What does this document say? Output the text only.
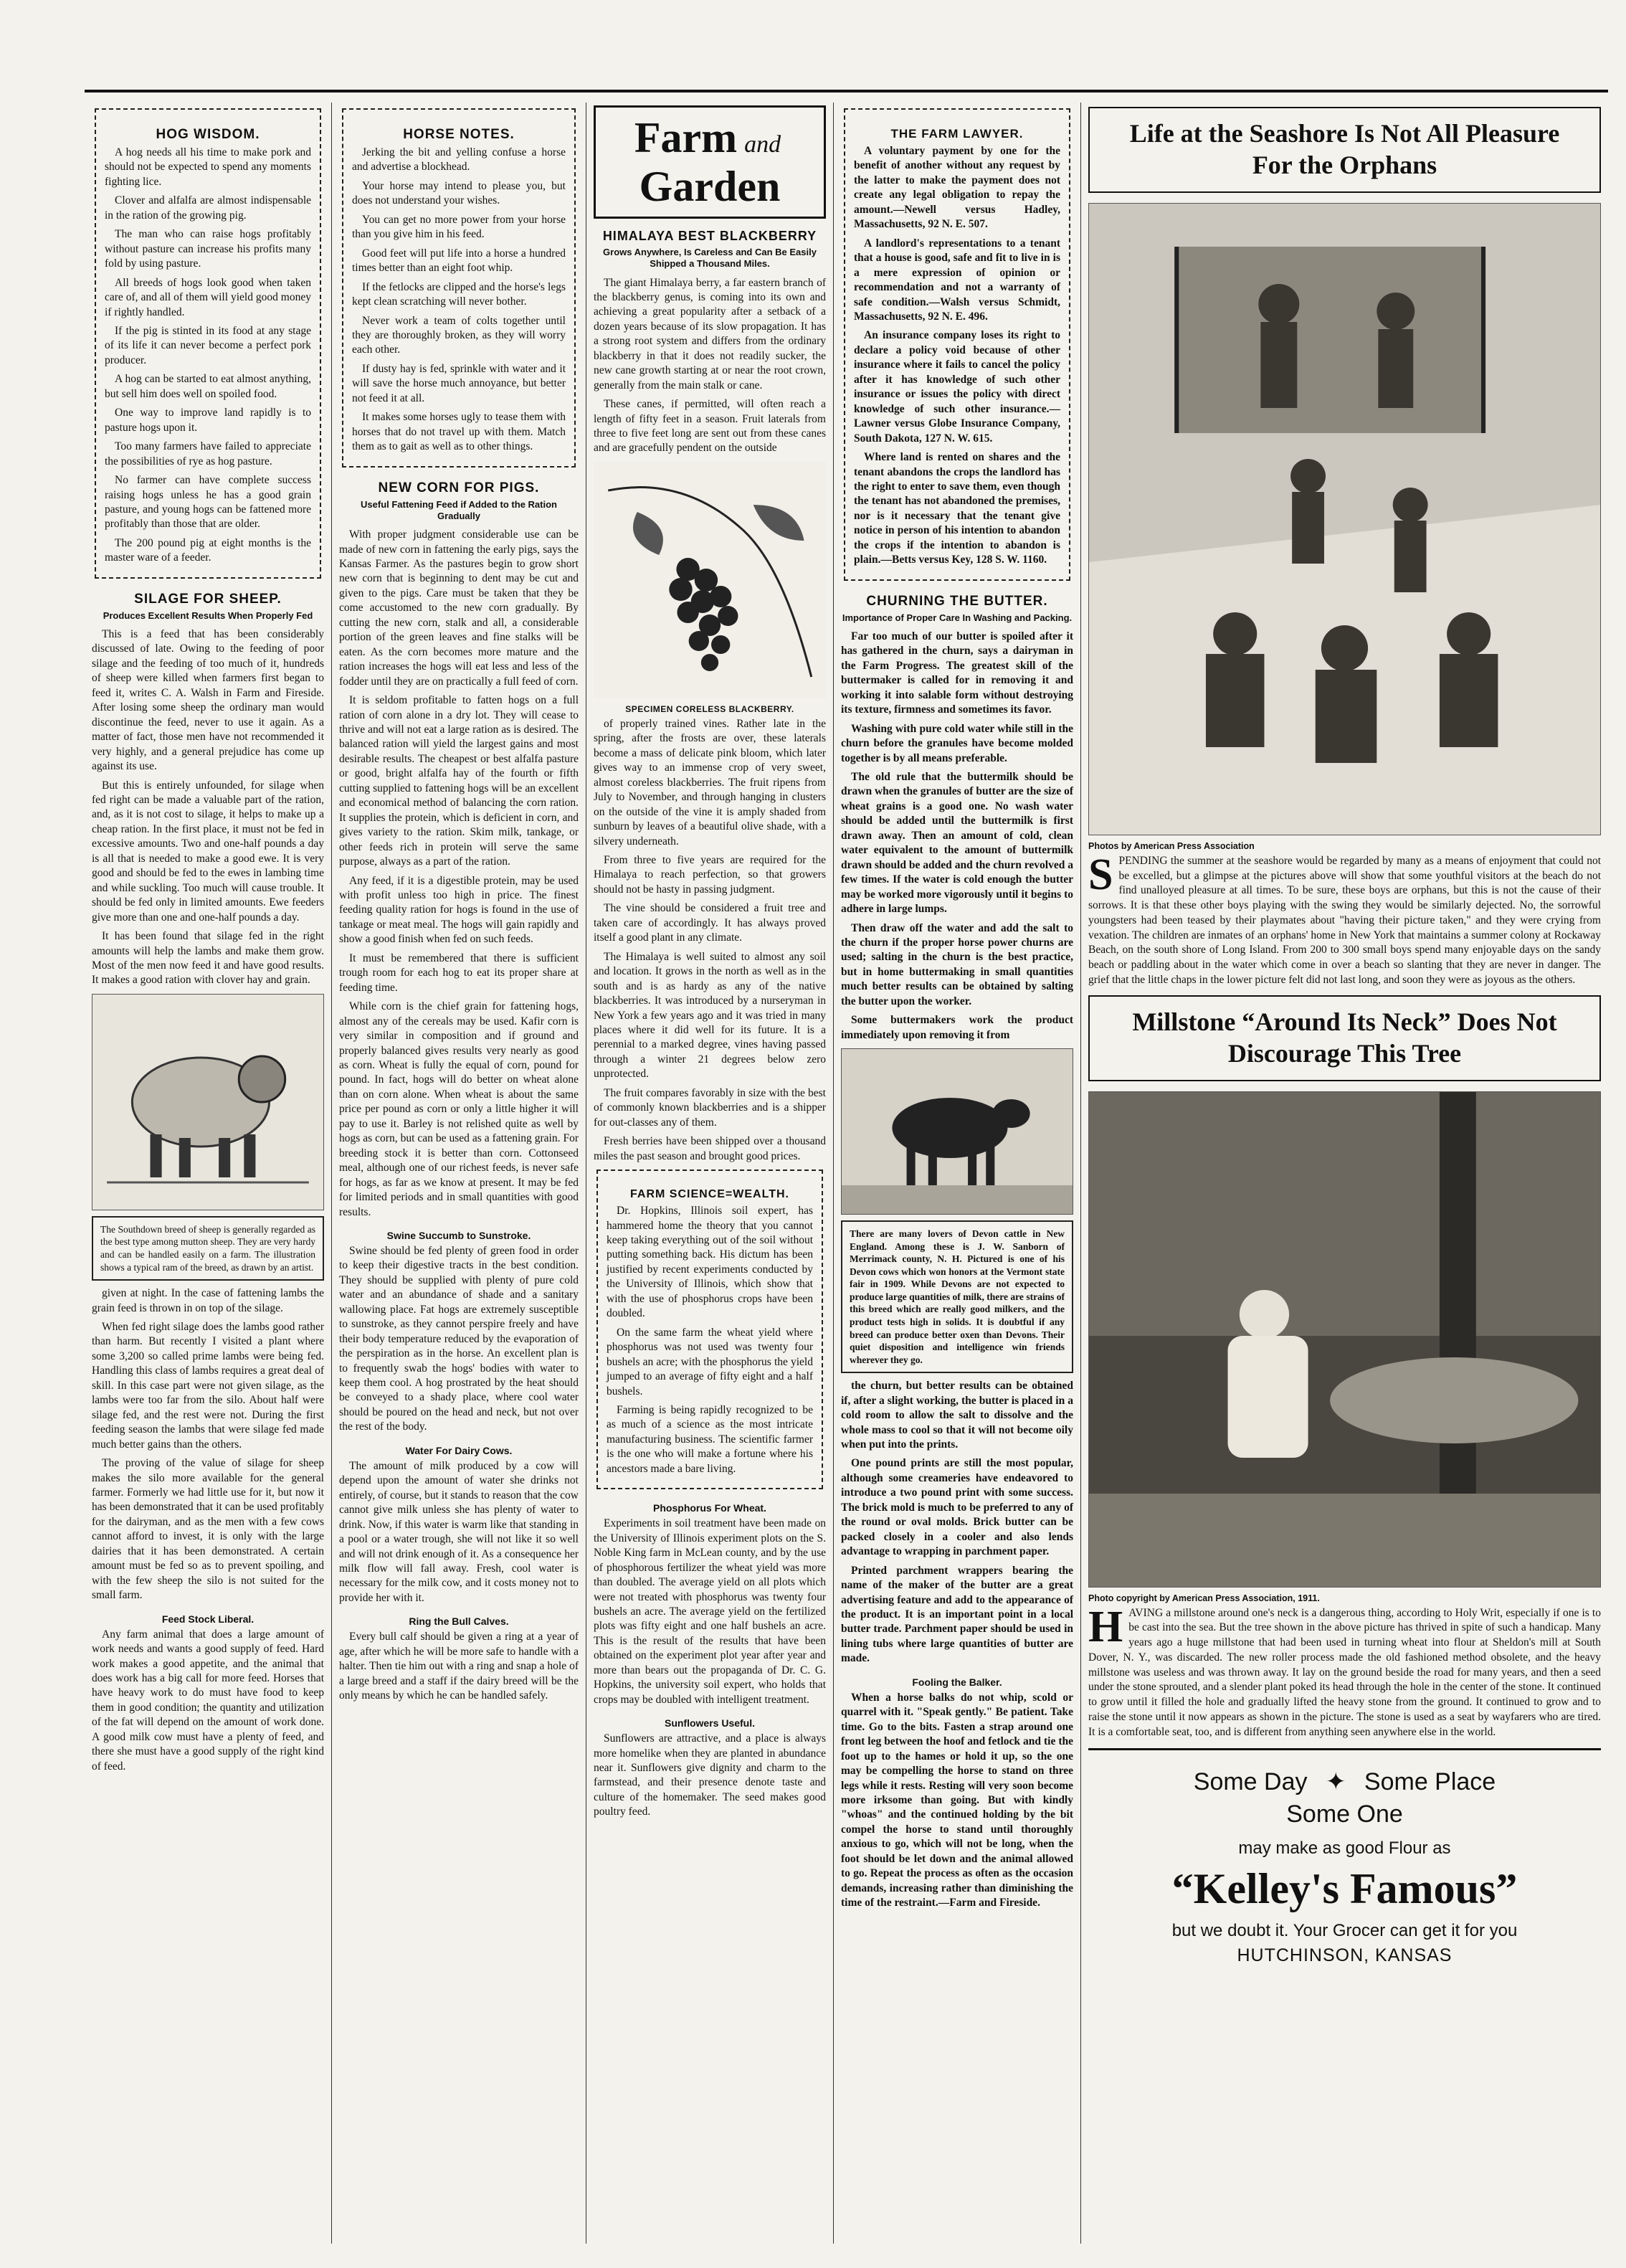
HOG WISDOM.

A hog needs all his time to make pork and should not be expected to spend any moments fighting lice.

Clover and alfalfa are almost indispensable in the ration of the growing pig.

The man who can raise hogs profitably without pasture can increase his profits many fold by using pasture.

All breeds of hogs look good when taken care of, and all of them will yield good money if rightly handled.

If the pig is stinted in its food at any stage of its life it can never become a perfect pork producer.

A hog can be started to eat almost anything, but sell him does well on spoiled food.

One way to improve land rapidly is to pasture hogs upon it.

Too many farmers have failed to appreciate the possibilities of rye as hog pasture.

No farmer can have complete success raising hogs unless he has a good grain pasture, and young hogs can be fattened more profitably than those that are older.

The 200 pound pig at eight months is the master ware of a feeder.

SILAGE FOR SHEEP.
Produces Excellent Results When Properly Fed

This is a feed that has been considerably discussed of late. Owing to the feeding of poor silage and the feeding of too much of it, hundreds of sheep were killed when farmers first began to feed it, writes C. A. Walsh in Farm and Fireside. After losing some sheep the ordinary man would discontinue the feed, never to use it again. As a matter of fact, those men have not recommended it very highly, and a general prejudice has come up against its use.

But this is entirely unfounded, for silage when fed right can be made a valuable part of the ration, and, as it is not cost to silage, it helps to make up a cheap ration. In the first place, it must not be fed in excessive amounts. Two and one-half pounds a day is all that is needed to make a good ewe. It is very good and should be fed to the ewes in lambing time and while suckling. Too much will cause trouble. It should be fed only in limited amounts. Ewe feeders give more than one and one-half pounds a day.

It has been found that silage fed in the right amounts will help the lambs and make them grow. Most of the men now feed it and have good results. It makes a good ration with clover hay and grain.

The Southdown breed of sheep is generally regarded as the best type among mutton sheep. They are very hardy and can be handled easily on a farm. The illustration shows a typical ram of the breed, as drawn by an artist.

given at night. In the case of fattening lambs the grain feed is thrown in on top of the silage.

When fed right silage does the lambs good rather than harm. But recently I visited a plant where some 3,200 so called prime lambs were being fed. Handling this class of lambs requires a great deal of skill. In this case part were not given silage, as the lambs were too far from the silo. About half were silage fed, and the rest were not. During the first feeding season the lambs that were silage fed made much better gains than the others.

The proving of the value of silage for sheep makes the silo more available for the general farmer. Formerly we had little use for it, but now it has been demonstrated that it can be used profitably for the dairyman, and as the men with a few cows cannot afford to invest, it is only with the large dairies that it has been demonstrated. A certain amount must be fed so as to prevent spoiling, and with the few sheep the silo is not suited for the small farm.

Feed Stock Liberal.

Any farm animal that does a large amount of work needs and wants a good supply of feed. Hard work makes a good appetite, and the animal that does work has a big call for more feed. Horses that have heavy work to do must have food to keep them in good condition; the quantity and utilization of the fat will depend on the amount of work done. A good milk cow must have a plenty of feed, and there she must have a good supply of the right kind of feed.

HORSE NOTES.

Jerking the bit and yelling confuse a horse and advertise a blockhead.

Your horse may intend to please you, but does not understand your wishes.

You can get no more power from your horse than you give him in his feed.

Good feet will put life into a horse a hundred times better than an eight foot whip.

If the fetlocks are clipped and the horse's legs kept clean scratching will never bother.

Never work a team of colts together until they are thoroughly broken, as they will worry each other.

If dusty hay is fed, sprinkle with water and it will save the horse much annoyance, but better not feed it at all.

It makes some horses ugly to tease them with horses that do not travel up with them. Match them as to gait as well as to other things.

NEW CORN FOR PIGS.
Useful Fattening Feed if Added to the Ration Gradually

With proper judgment considerable use can be made of new corn in fattening the early pigs, says the Kansas Farmer. As the pastures begin to grow short new corn that is beginning to dent may be cut and given to the pigs. Care must be taken that they be come accustomed to the new corn gradually. By cutting the new corn, stalk and all, a considerable portion of the green leaves and fine stalks will be eaten. As the corn becomes more mature and the ration increases the hogs will eat less and less of the fodder until they are on practically a full feed of corn.

It is seldom profitable to fatten hogs on a full ration of corn alone in a dry lot. They will cease to thrive and will not eat a large ration as is desired. The balanced ration will yield the largest gains and most desirable results. The cheapest or best alfalfa pasture or good, bright alfalfa hay of the fourth or fifth cutting supplied to fattening hogs will be an excellent and economical method of balancing the corn ration. It supplies the protein, which is deficient in corn, and gives variety to the ration. Skim milk, tankage, or other feeds rich in protein will serve the same purpose, always as a part of the ration.

Any feed, if it is a digestible protein, may be used with profit unless too high in price. The finest feeding quality ration for hogs is found in the use of tankage or meat meal. The hogs will gain rapidly and show a good finish when fed on such feeds.

It must be remembered that there is sufficient trough room for each hog to eat its proper share at feeding time.

While corn is the chief grain for fattening hogs, almost any of the cereals may be used. Kafir corn is very similar in composition and if ground and properly balanced gives results very nearly as good as corn. Wheat is fully the equal of corn, pound for pound. In fact, hogs will do better on wheat alone than on corn alone. When wheat is about the same price per pound as corn or only a little higher it will pay to use it. Barley is not relished quite as well by hogs as corn, but can be used as a fattening grain. For breeding stock it is better than corn. Cottonseed meal, although one of our richest feeds, is never safe for hogs, as far as we know at present. It may be fed for limited periods and in small quantities with good results.

Swine Succumb to Sunstroke.

Swine should be fed plenty of green food in order to keep their digestive tracts in the best condition. They should be supplied with plenty of pure cold water and an abundance of shade and a sanitary wallowing place. Fat hogs are extremely susceptible to sunstroke, as they cannot perspire freely and have their body temperature reduced by the evaporation of the perspiration as in the horse. An excellent plan is to frequently swab the hogs' bodies with water to keep them cool. A hog prostrated by the heat should be conveyed to a shady place, where cool water should be poured on the head and neck, but not over the rest of the body.

Water For Dairy Cows.

The amount of milk produced by a cow will depend upon the amount of water she drinks not entirely, of course, but it stands to reason that the cow cannot give milk unless she has plenty of water to drink. Now, if this water is warm like that standing in a pool or a water trough, she will not like it so well and will not drink enough of it. As a consequence her milk flow will fall away. Fresh, cool water is necessary for the milk cow, and it costs money not to provide her with it.

Ring the Bull Calves.

Every bull calf should be given a ring at a year of age, after which he will be more safe to handle with a halter. Then tie him out with a ring and snap a hole of a large breed and a staff if the dairy breed will be the only means by which he can be handled safely.

Farm and
Garden
HIMALAYA BEST BLACKBERRY
Grows Anywhere, Is Careless and Can Be Easily Shipped a Thousand Miles.

The giant Himalaya berry, a far eastern branch of the blackberry genus, is coming into its own and achieving a great popularity after a setback of a dozen years because of its slow propagation. It has a strong root system and differs from the ordinary blackberry in that it does not readily sucker, the new cane growth starting at or near the root crown, generally from the main stalk or cane.

These canes, if permitted, will often reach a length of fifty feet in a season. Fruit laterals from three to five feet long are sent out from these canes and are gracefully pendent on the outside

SPECIMEN CORELESS BLACKBERRY.

of properly trained vines. Rather late in the spring, after the frosts are over, these laterals become a mass of delicate pink bloom, which later gives way to an immense crop of very sweet, almost coreless blackberries. The fruit ripens from July to November, and through hanging in clusters on the outside of the vine it is amply shaded from sunburn by leaves of a beautiful olive shade, with a silvery underneath.

From three to five years are required for the Himalaya to reach perfection, so that growers should not be hasty in passing judgment.

The vine should be considered a fruit tree and taken care of accordingly. It has always proved itself a good plant in any climate.

The Himalaya is well suited to almost any soil and location. It grows in the north as well as in the south and is as hardy as any of the native blackberries. It was introduced by a nurseryman in New York a few years ago and it was tried in many places where it did well for its future. It is a perennial to a marked degree, vines having passed through a winter 21 degrees below zero unprotected.

The fruit compares favorably in size with the best of commonly known blackberries and is a shipper for out-classes any of them.

Fresh berries have been shipped over a thousand miles the past season and brought good prices.

FARM SCIENCE=WEALTH.

Dr. Hopkins, Illinois soil expert, has hammered home the theory that you cannot keep taking everything out of the soil without putting something back. His dictum has been justified by recent experiments conducted by the University of Illinois, which show that with the use of phosphorus crops have been doubled.

On the same farm the wheat yield where phosphorus was not used was twenty four bushels an acre; with the phosphorus the yield jumped to an average of fifty eight and a half bushels.

Farming is being rapidly recognized to be as much of a science as the most intricate manufacturing business. The scientific farmer is the one who will make a fortune where his ancestors made a bare living.

Phosphorus For Wheat.

Experiments in soil treatment have been made on the University of Illinois experiment plots on the S. Noble King farm in McLean county, and by the use of phosphorous fertilizer the wheat yield was more than doubled. The average yield on all plots which were not treated with phosphorus was twenty four bushels an acre. The average yield on the fertilized plots was fifty eight and one half bushels an acre. This is the result of the results that have been obtained on the experiment plot year after year and more than bears out the propaganda of Dr. C. G. Hopkins, the university soil expert, who holds that crops may be doubled with intelligent treatment.

Sunflowers Useful.

Sunflowers are attractive, and a place is always more homelike when they are planted in abundance near it. Sunflowers give dignity and charm to the farmstead, and their presence denote taste and culture of the homemaker. The seed makes good poultry feed.

THE FARM LAWYER.

A voluntary payment by one for the benefit of another without any request by the latter to make the payment does not create any legal obligation to repay the amount.—Newell versus Hadley, Massachusetts, 92 N. E. 507.

A landlord's representations to a tenant that a house is good, safe and fit to live in is a mere expression of opinion or recommendation and not a warranty of safe condition.—Walsh versus Schmidt, Massachusetts, 92 N. E. 496.

An insurance company loses its right to declare a policy void because of other insurance where it fails to cancel the policy after it has knowledge of such other insurance or issues the policy with direct knowledge of such other insurance.—Lawner versus Globe Insurance Company, South Dakota, 127 N. W. 615.

Where land is rented on shares and the tenant abandons the crops the landlord has the right to enter to save them, even though the tenant has not abandoned the premises, nor is it necessary that the tenant give notice in person of his intention to abandon the crops if the intention to abandon is plain.—Betts versus Key, 128 S. W. 1160.

CHURNING THE BUTTER.
Importance of Proper Care In Washing and Packing.

Far too much of our butter is spoiled after it has gathered in the churn, says a dairyman in the Farm Progress. The greatest skill of the buttermaker is called for in removing it and working it into salable form without destroying its texture, firmness and sometimes its favor.

Washing with pure cold water while still in the churn before the granules have become molded together is by all means preferable.

The old rule that the buttermilk should be drawn when the granules of butter are the size of wheat grains is a good one. No wash water should be added until the buttermilk is first drawn away. Then an amount of cold, clean water equivalent to the amount of buttermilk drawn should be added and the churn revolved a few times. If the water is cold enough the butter may be worked more vigorously until it begins to adhere in large lumps.

Then draw off the water and add the salt to the churn if the proper horse power churns are used; salting in the churn is the best practice, but in home buttermaking in small quantities much better results can be obtained by salting the butter upon the worker.

Some buttermakers work the product immediately upon removing it from

There are many lovers of Devon cattle in New England. Among these is J. W. Sanborn of Merrimack county, N. H. Pictured is one of his Devon cows which won honors at the Vermont state fair in 1909. While Devons are not expected to produce large quantities of milk, there are strains of this breed which are really good milkers, and the product tests high in solids. It is doubtful if any breed can produce better oxen than Devons. Their quiet disposition and intelligence win friends wherever they go.

the churn, but better results can be obtained if, after a slight working, the butter is placed in a cold room to allow the salt to dissolve and the whole mass to cool so that it will not become oily when put into the prints.

One pound prints are still the most popular, although some creameries have endeavored to introduce a two pound print with some success. The brick mold is much to be preferred to any of the round or oval molds. Brick butter can be packed closely in a cooler and also lends advantage to wrapping in parchment paper.

Printed parchment wrappers bearing the name of the maker of the butter are a great advertising feature and add to the appearance of the product. It is an important point in a local butter trade. Parchment paper should be used in lining tubs where large quantities of butter are made.

Fooling the Balker.

When a horse balks do not whip, scold or quarrel with it. "Speak gently." Be patient. Take time. Go to the bits. Fasten a strap around one front leg between the hoof and fetlock and tie the foot up to the hames or hold it up, so the one may be compelling the horse to stand on three legs while it rests. Resting will very soon become more irksome than going. But with kindly "whoas" and the continued holding by the bit compel the horse to stand until thoroughly anxious to go, which will not be long, when the foot should be let down and the animal allowed to go. Repeat the process as often as the occasion demands, increasing rather than diminishing the time of the restraint.—Farm and Fireside.

Life at the Seashore Is Not All Pleasure For the Orphans
Photos by American Press Association

SPENDING the summer at the seashore would be regarded by many as a means of enjoyment that could not be excelled, but a glimpse at the pictures above will show that some youthful visitors at the beach do not find unalloyed pleasure at all times. To be sure, these boys are orphans, but this is not the cause of their sorrows. It is that these other boys playing with the swing they would be similarly dejected. No, the sorrowful youngsters had been teased by their playmates about "having their picture taken," and they were crying from vexation. The children are inmates of an orphans' home in New York that maintains a summer colony at Rockaway Beach, on the south shore of Long Island. From 200 to 300 small boys spend many enjoyable days on the sandy beach or paddling about in the water which come in over a beach so slanting that they are never in danger. The grief that the little chaps in the lower picture felt did not last long, and soon they were as joyous as the others.

Millstone “Around Its Neck” Does Not Discourage This Tree
Photo copyright by American Press Association, 1911.

HAVING a millstone around one's neck is a dangerous thing, according to Holy Writ, especially if one is to be cast into the sea. But the tree shown in the above picture has thrived in spite of such a handicap. Many years ago a huge millstone that had been used in turning wheat into flour at Sheldon's mill at South Dover, N. Y., was discarded. The new roller process made the old fashioned method obsolete, and the heavy millstone was useless and was thrown away. It lay on the ground beside the road for many years, and then a seed under the stone sprouted, and a slender plant poked its head through the hole in the center of the stone. It continued to grow until it filled the hole and gradually lifted the heavy stone from the ground. It continued to grow and to raise the stone until it now appears as shown in the picture. The stone is used as a seat by wayfarers who are tired. It is a comfortable seat, too, and is different from anything seen anywhere else in the world.

Some Day ✦ Some Place
Some One
may make as good Flour as
“Kelley's Famous”
but we doubt it. Your Grocer can get it for you
HUTCHINSON, KANSAS
